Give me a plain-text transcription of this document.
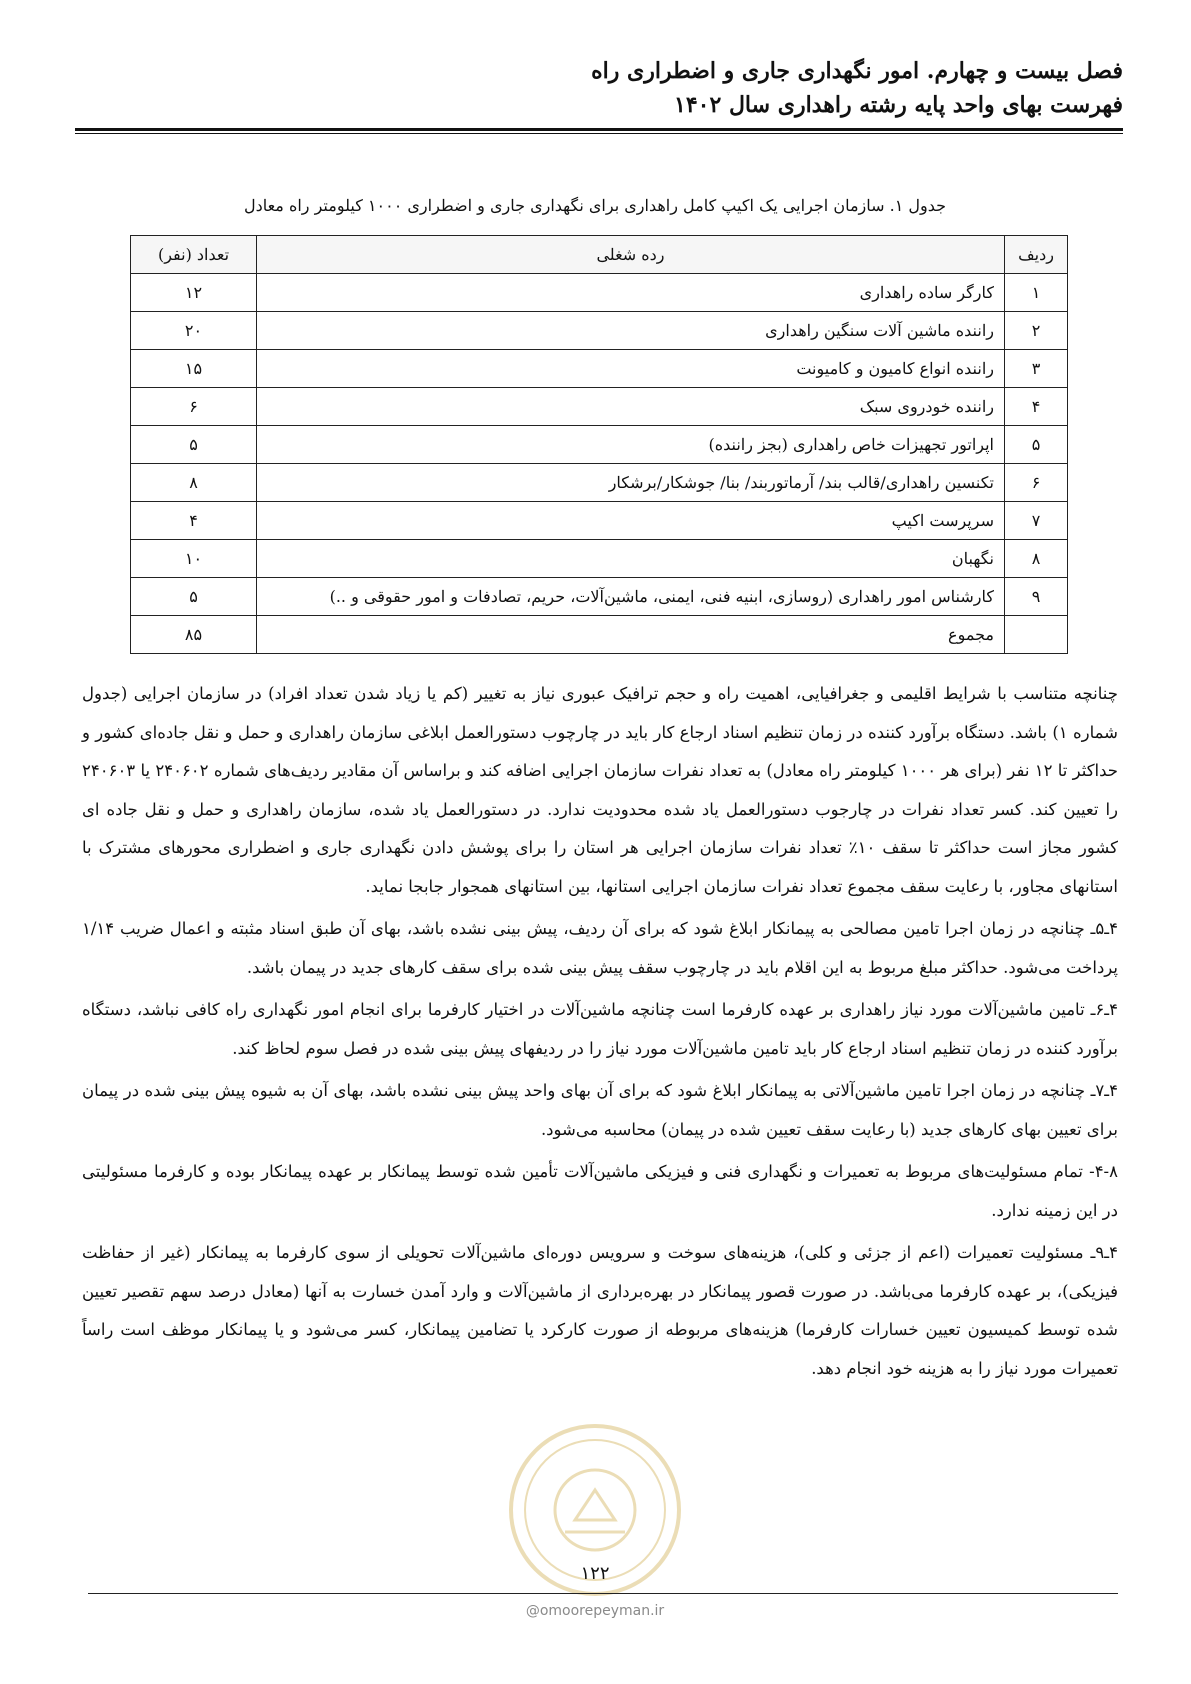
فصل بیست و چهارم. امور نگهداری جاری و اضطراری راه
فهرست بهای واحد پایه رشته راهداری سال ۱۴۰۲
جدول ۱. سازمان اجرایی یک اکیپ کامل راهداری برای نگهداری جاری و اضطراری ۱۰۰۰ کیلومتر راه معادل
ردیف	رده شغلی	تعداد (نفر)
۱	کارگر ساده راهداری	۱۲
۲	راننده ماشین آلات سنگین راهداری	۲۰
۳	راننده انواع کامیون و کامیونت	۱۵
۴	راننده خودروی سبک	۶
۵	اپراتور تجهیزات خاص راهداری (بجز راننده)	۵
۶	تکنسین راهداری/قالب بند/ آرماتوربند/ بنا/ جوشکار/برشکار	۸
۷	سرپرست اکیپ	۴
۸	نگهبان	۱۰
۹	کارشناس امور راهداری (روسازی، ابنیه فنی، ایمنی، ماشین‌آلات، حریم، تصادفات و امور حقوقی و ..)	۵
	مجموع	۸۵

چنانچه متناسب با شرایط اقلیمی و جغرافیایی، اهمیت راه و حجم ترافیک عبوری نیاز به تغییر (کم یا زیاد شدن تعداد افراد) در سازمان اجرایی (جدول شماره ۱) باشد. دستگاه برآورد کننده در زمان تنظیم اسناد ارجاع کار باید در چارچوب دستورالعمل ابلاغی سازمان راهداری و حمل و نقل جاده‌ای کشور و حداکثر تا ۱۲ نفر (برای هر ۱۰۰۰ کیلومتر راه معادل) به تعداد نفرات سازمان اجرایی اضافه کند و براساس آن مقادیر ردیف‌های شماره ۲۴۰۶۰۲ یا ۲۴۰۶۰۳ را تعیین کند. کسر تعداد نفرات در چارجوب دستورالعمل یاد شده محدودیت ندارد. در دستورالعمل یاد شده، سازمان راهداری و حمل و نقل جاده ای کشور مجاز است حداکثر تا سقف ۱۰٪ تعداد نفرات سازمان اجرایی هر استان را برای پوشش دادن نگهداری جاری و اضطراری محورهای مشترک با استانهای مجاور، با رعایت سقف مجموع تعداد نفرات سازمان اجرایی استانها، بین استانهای همجوار جابجا نماید.

۴ـ۵ـ چنانچه در زمان اجرا تامین مصالحی به پیمانکار ابلاغ شود که برای آن ردیف، پیش بینی نشده باشد، بهای آن طبق اسناد مثبته و اعمال ضریب ۱/۱۴ پرداخت می‌شود. حداکثر مبلغ مربوط به این اقلام باید در چارچوب سقف پیش بینی شده برای سقف کارهای جدید در پیمان باشد.

۴ـ۶ـ تامین ماشین‌آلات مورد نیاز راهداری بر عهده کارفرما است چنانچه ماشین‌آلات در اختیار کارفرما برای انجام امور نگهداری راه کافی نباشد، دستگاه برآورد کننده در زمان تنظیم اسناد ارجاع کار باید تامین ماشین‌آلات مورد نیاز را در ردیفهای پیش بینی شده در فصل سوم لحاظ کند.

۴ـ۷ـ چنانچه در زمان اجرا تامین ماشین‌آلاتی به پیمانکار ابلاغ شود که برای آن بهای واحد پیش بینی نشده باشد، بهای آن به شیوه پیش بینی شده در پیمان برای تعیین بهای کارهای جدید (با رعایت سقف تعیین شده در پیمان) محاسبه می‌شود.

۴-۸- تمام مسئولیت‌های مربوط به تعمیرات و نگهداری فنی و فیزیکی ماشین‌آلات تأمین شده توسط پیمانکار بر عهده پیمانکار بوده و کارفرما مسئولیتی در این زمینه ندارد.

۴ـ۹ـ مسئولیت تعمیرات (اعم از جزئی و کلی)، هزینه‌های سوخت و سرویس دوره‌ای ماشین‌آلات تحویلی از سوی کارفرما به پیمانکار (غیر از حفاظت فیزیکی)، بر عهده کارفرما می‌باشد. در صورت قصور پیمانکار در بهره‌برداری از ماشین‌آلات و وارد آمدن خسارت به آنها (معادل درصد سهم تقصیر تعیین شده توسط کمیسیون تعیین خسارات کارفرما) هزینه‌های مربوطه از صورت کارکرد یا تضامین پیمانکار، کسر می‌شود و یا پیمانکار موظف است راساً تعمیرات مورد نیاز را به هزینه خود انجام دهد.

۱۲۲
@omoorepeyman.ir
